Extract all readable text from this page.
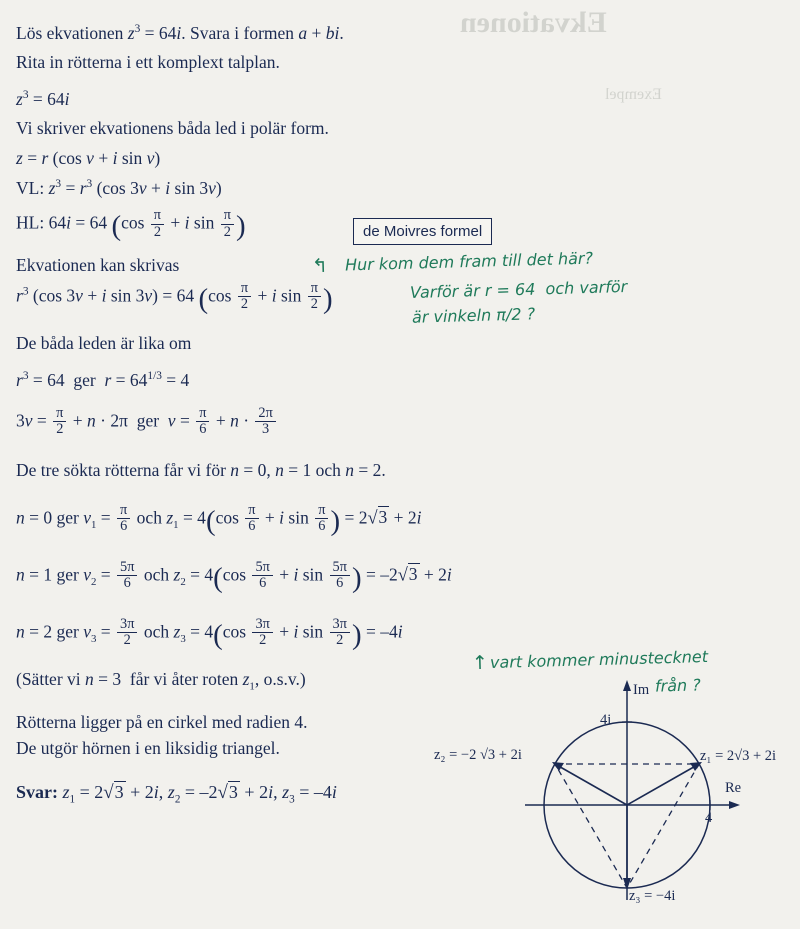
Ekvationen
Exempel
Lös ekvationen $z^3 = 64i$. Svara i formen a + bi.
Rita in rötterna i ett komplext talplan.
$z^3 = 64i$
Vi skriver ekvationens båda led i polär form.
z = r (cos v + i sin v)
VL: $z^3 = r^3$ (cos 3v + i sin 3v)
HL: 64i = 64 ($\cos \frac{\pi}{2} + i$ $\sin \frac{\pi}{2}$ )	de Moivres formel
Ekvationen kan skrivas
$r^3$ (cos 3v + i sin 3v) = 64 ($\cos \frac{\pi}{2} + i$ $\sin \frac{\pi}{2}$ )
De båda leden är lika om
$r^3 = 64$  ger  $r = 64^{1/3} = 4$
$3v = \frac{\pi}{2} + n \cdot 2\pi$  ger  $v = \frac{\pi}{6} + n \cdot \frac{2\pi}{3}$
De tre sökta rötterna får vi för n = 0, n = 1 och n = 2.
n = 0 ger $v_1 = \frac{\pi}{6}$ och $z_1 = 4(\cos \frac{\pi}{6} + i$ $\sin \frac{\pi}{6}$ ) = 2√3 + 2i
n = 1 ger $v_2 = \frac{5\pi}{6}$ och $z_2 = 4(\cos \frac{5\pi}{6} + i$ $\sin \frac{5\pi}{6}$ ) = –2√3 + 2i
n = 2 ger $v_3 = \frac{3\pi}{2}$ och $z_3 = 4(\cos \frac{3\pi}{2} + i$ $\sin \frac{3\pi}{2}$ ) = –4i
(Sätter vi n = 3  får vi åter roten $z_1$, o.s.v.)
Rötterna ligger på en cirkel med radien 4.
De utgör hörnen i en liksidig triangel.
Svar: $z_1 = 2√3 + 2i$, $z_2 = -2√3 + 2i$, $z_3 = -4i$
↰ Hur kom dem fram till det här?
Varför är r = 64  och varför
är vinkeln π/2 ?
↑ vart kommer minustecknet
från ?
Im
Re
4i
4
z₁ = 2√3 + 2i
z₂ = −2 √3 + 2i
z₃ = −4i
